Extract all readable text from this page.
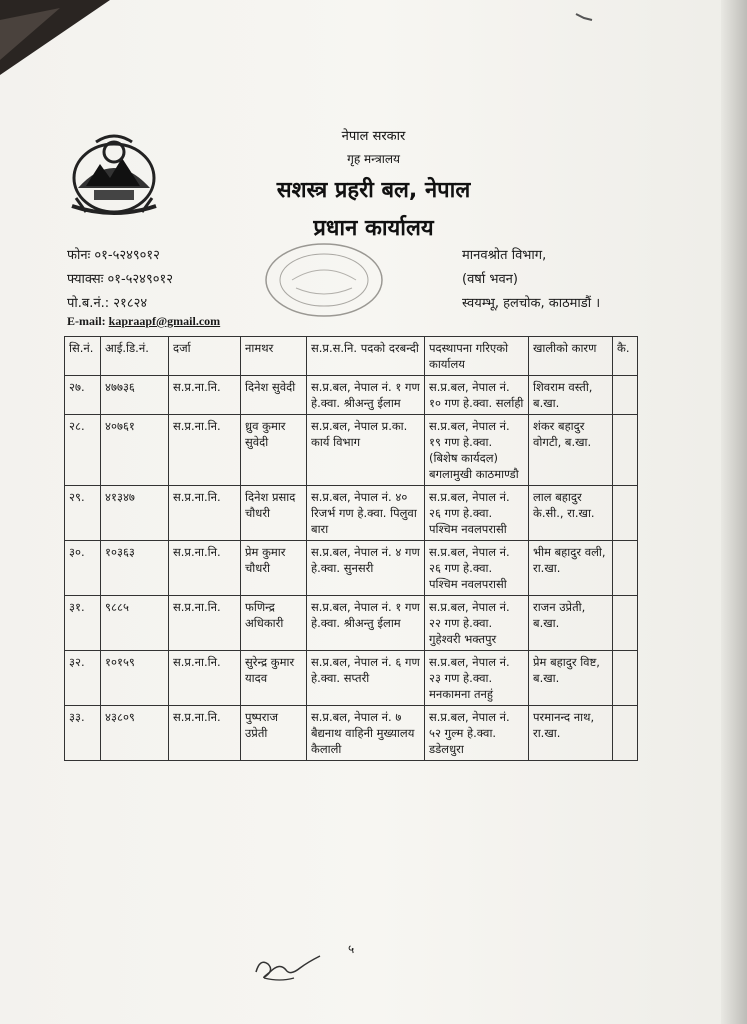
नेपाल सरकार
गृह मन्त्रालय
सशस्त्र प्रहरी बल, नेपाल
प्रधान कार्यालय
फोनः ०१-५२४९०१२
फ्याक्सः ०१-५२४९०१२
पो.ब.नं.: २१८२४
मानवश्रोत विभाग,
(वर्षा भवन)
स्वयम्भू, हलचोक, काठमाडौं ।
E-mail: kapraapf@gmail.com
सि.नं.	आई.डि.नं.	दर्जा	नामथर	स.प्र.स.नि. पदको दरबन्दी	पदस्थापना गरिएको कार्यालय	खालीको कारण	कै.
२७.	४७७३६	स.प्र.ना.नि.	दिनेश सुवेदी	स.प्र.बल, नेपाल नं. १ गण हे.क्वा. श्रीअन्तु ईलाम	स.प्र.बल, नेपाल नं. १० गण हे.क्वा. सर्लाही	शिवराम वस्ती, ब.खा.	
२८.	४०७६१	स.प्र.ना.नि.	ध्रुव कुमार सुवेदी	स.प्र.बल, नेपाल प्र.का. कार्य विभाग	स.प्र.बल, नेपाल नं. १९ गण हे.क्वा. (बिशेष कार्यदल) बगलामुखी काठमाण्डौ	शंकर बहादुर वोगटी, ब.खा.	
२९.	४१३४७	स.प्र.ना.नि.	दिनेश प्रसाद चौधरी	स.प्र.बल, नेपाल नं. ४० रिजर्भ गण हे.क्वा. पिलुवा बारा	स.प्र.बल, नेपाल नं. २६ गण हे.क्वा. पश्चिम नवलपरासी	लाल बहादुर के.सी., रा.खा.	
३०.	१०३६३	स.प्र.ना.नि.	प्रेम कुमार चौधरी	स.प्र.बल, नेपाल नं. ४ गण हे.क्वा. सुनसरी	स.प्र.बल, नेपाल नं. २६ गण हे.क्वा. पश्चिम नवलपरासी	भीम बहादुर वली, रा.खा.	
३१.	९८८५	स.प्र.ना.नि.	फणिन्द्र अधिकारी	स.प्र.बल, नेपाल नं. १ गण हे.क्वा. श्रीअन्तु ईलाम	स.प्र.बल, नेपाल नं. २२ गण हे.क्वा. गुहेश्वरी भक्तपुर	राजन उप्रेती, ब.खा.	
३२.	१०१५९	स.प्र.ना.नि.	सुरेन्द्र कुमार यादव	स.प्र.बल, नेपाल नं. ६ गण हे.क्वा. सप्तरी	स.प्र.बल, नेपाल नं. २३ गण हे.क्वा. मनकामना तनहुं	प्रेम बहादुर विष्ट, ब.खा.	
३३.	४३८०९	स.प्र.ना.नि.	पुष्पराज उप्रेती	स.प्र.बल, नेपाल नं. ७ बैद्यनाथ वाहिनी मुख्यालय कैलाली	स.प्र.बल, नेपाल नं. ५२ गुल्म हे.क्वा. डडेलधुरा	परमानन्द नाथ, रा.खा.	
५
